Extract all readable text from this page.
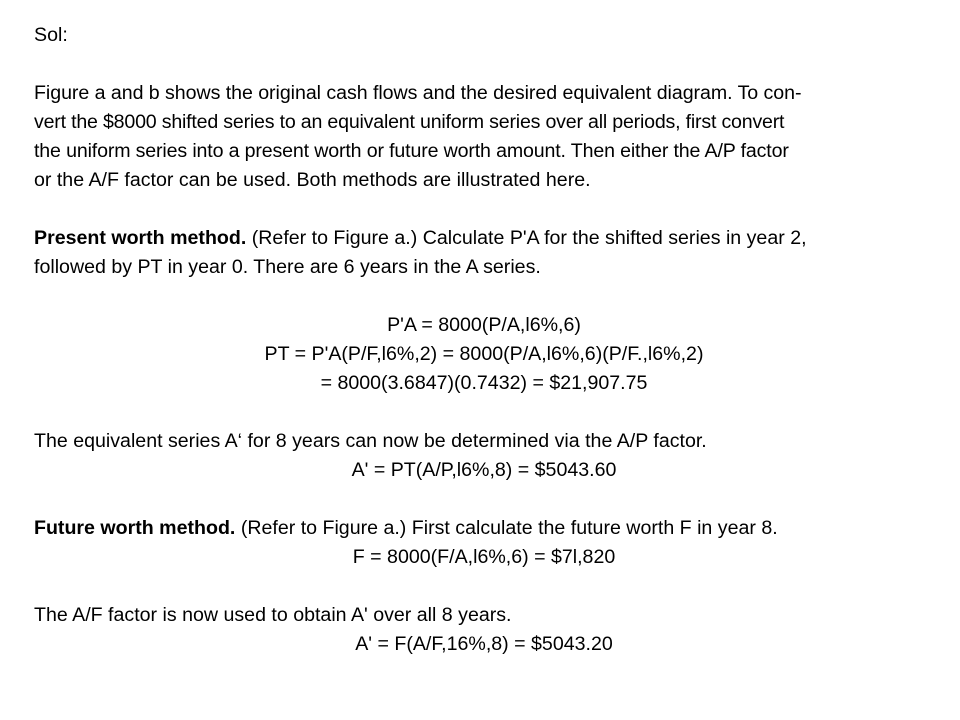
Sol:
Figure a and b shows the original cash flows and the desired equivalent diagram. To con-
vert the $8000 shifted series to an equivalent uniform series over all periods, first convert
the uniform series into a present worth or future worth amount. Then either the A/P factor
or the A/F factor can be used. Both methods are illustrated here.
Present worth method. (Refer to Figure a.) Calculate P'A for the shifted series in year 2,
followed by PT in year 0. There are 6 years in the A series.
P'A = 8000(P/A,l6%,6)
PT = P'A(P/F,l6%,2) = 8000(P/A,l6%,6)(P/F.,l6%,2)
= 8000(3.6847)(0.7432) = $21,907.75
The equivalent series A‘ for 8 years can now be determined via the A/P factor.
A' = PT(A/P,l6%,8) = $5043.60
Future worth method. (Refer to Figure a.) First calculate the future worth F in year 8.
F = 8000(F/A,l6%,6) = $7l,820
The A/F factor is now used to obtain A' over all 8 years.
A' = F(A/F,16%,8) = $5043.20
